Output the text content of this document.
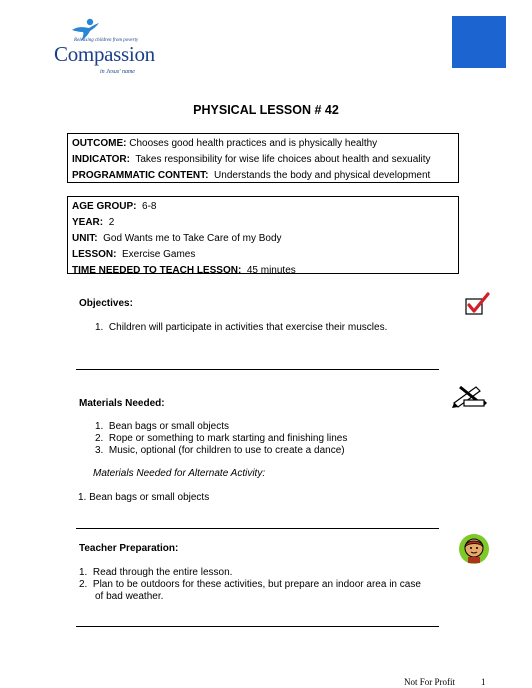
Releasing children from poverty
Compassion
in Jesus' name
PHYSICAL LESSON # 42
OUTCOME: Chooses good health practices and is physically healthy
INDICATOR: Takes responsibility for wise life choices about health and sexuality
PROGRAMMATIC CONTENT: Understands the body and physical development
AGE GROUP: 6-8
YEAR: 2
UNIT: God Wants me to Take Care of my Body
LESSON: Exercise Games
TIME NEEDED TO TEACH LESSON: 45 minutes
Objectives:
1.  Children will participate in activities that exercise their muscles.
Materials Needed:
1.  Bean bags or small objects
2.  Rope or something to mark starting and finishing lines
3.  Music, optional (for children to use to create a dance)
Materials Needed for Alternate Activity:
1. Bean bags or small objects
Teacher Preparation:
1.  Read through the entire lesson.
2.  Plan to be outdoors for these activities, but prepare an indoor area in case
of bad weather.
Not For Profit	1
